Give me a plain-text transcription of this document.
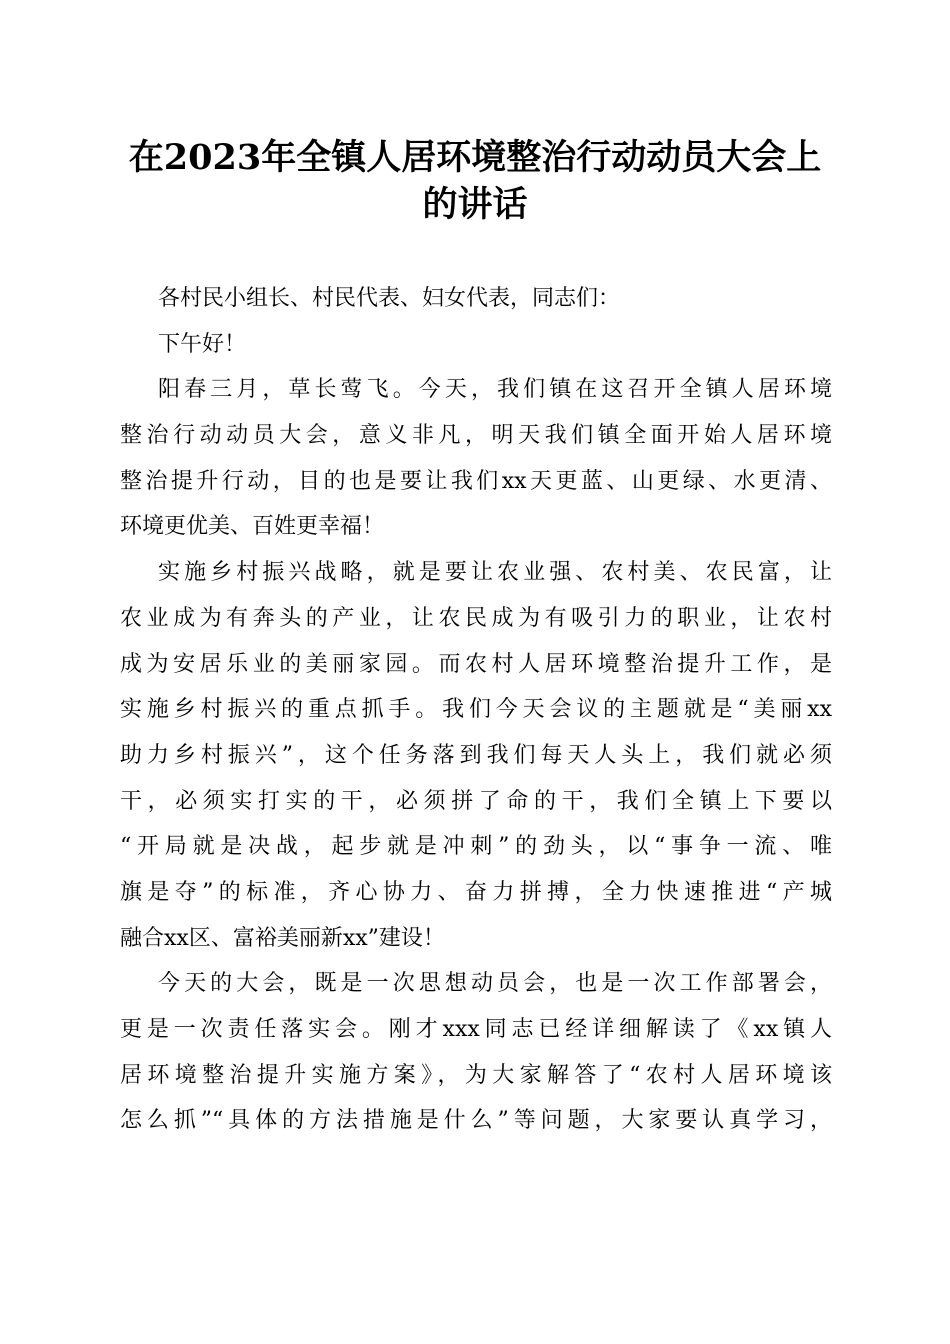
在2023年全镇人居环境整治行动动员大会上
的讲话
各村民小组长、村民代表、妇女代表，同志们：
下午好！
阳春三月，草长莺飞。今天，我们镇在这召开全镇人居环境
整治行动动员大会，意义非凡，明天我们镇全面开始人居环境
整治提升行动，目的也是要让我们xx天更蓝、山更绿、水更清、
环境更优美、百姓更幸福！
实施乡村振兴战略，就是要让农业强、农村美、农民富，让
农业成为有奔头的产业，让农民成为有吸引力的职业，让农村
成为安居乐业的美丽家园。而农村人居环境整治提升工作，是
实施乡村振兴的重点抓手。我们今天会议的主题就是“美丽xx
助力乡村振兴”，这个任务落到我们每天人头上，我们就必须
干，必须实打实的干，必须拼了命的干，我们全镇上下要以
“开局就是决战，起步就是冲刺”的劲头，以“事争一流、唯
旗是夺”的标准，齐心协力、奋力拼搏，全力快速推进“产城
融合xx区、富裕美丽新xx”建设！
今天的大会，既是一次思想动员会，也是一次工作部署会，
更是一次责任落实会。刚才xxx同志已经详细解读了《xx镇人
居环境整治提升实施方案》，为大家解答了“农村人居环境该
怎么抓”“具体的方法措施是什么”等问题，大家要认真学习，
